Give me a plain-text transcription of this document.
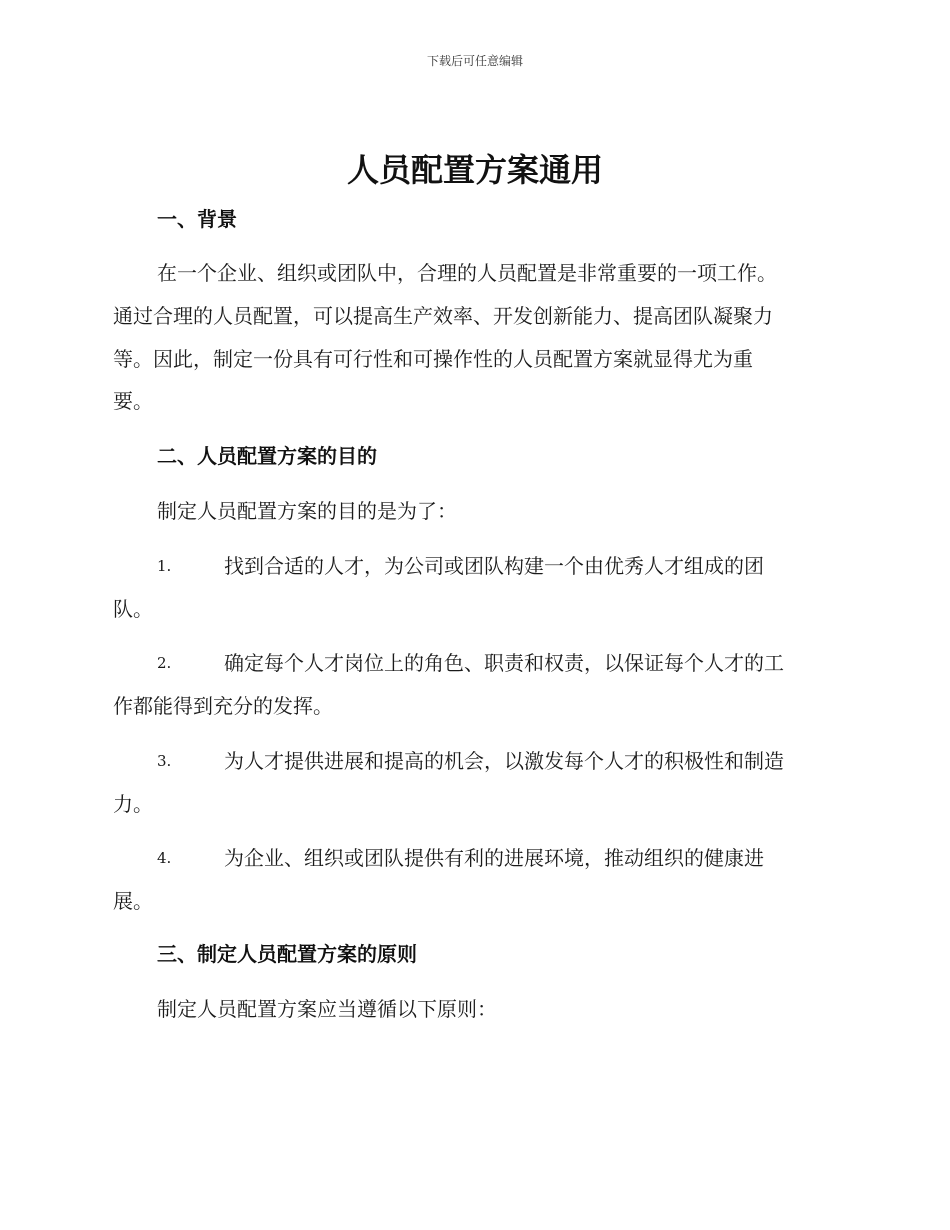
下载后可任意编辑
人员配置方案通用
一、背景

在一个企业、组织或团队中，合理的人员配置是非常重要的一项工作。

通过合理的人员配置，可以提高生产效率、开发创新能力、提高团队凝聚力

等。因此，制定一份具有可行性和可操作性的人员配置方案就显得尤为重

要。

二、人员配置方案的目的

制定人员配置方案的目的是为了：

1.	找到合适的人才，为公司或团队构建一个由优秀人才组成的团
队。
2.	确定每个人才岗位上的角色、职责和权责，以保证每个人才的工
作都能得到充分的发挥。
3.	为人才提供进展和提高的机会，以激发每个人才的积极性和制造
力。
4.	为企业、组织或团队提供有利的进展环境，推动组织的健康进
展。
三、制定人员配置方案的原则

制定人员配置方案应当遵循以下原则：
